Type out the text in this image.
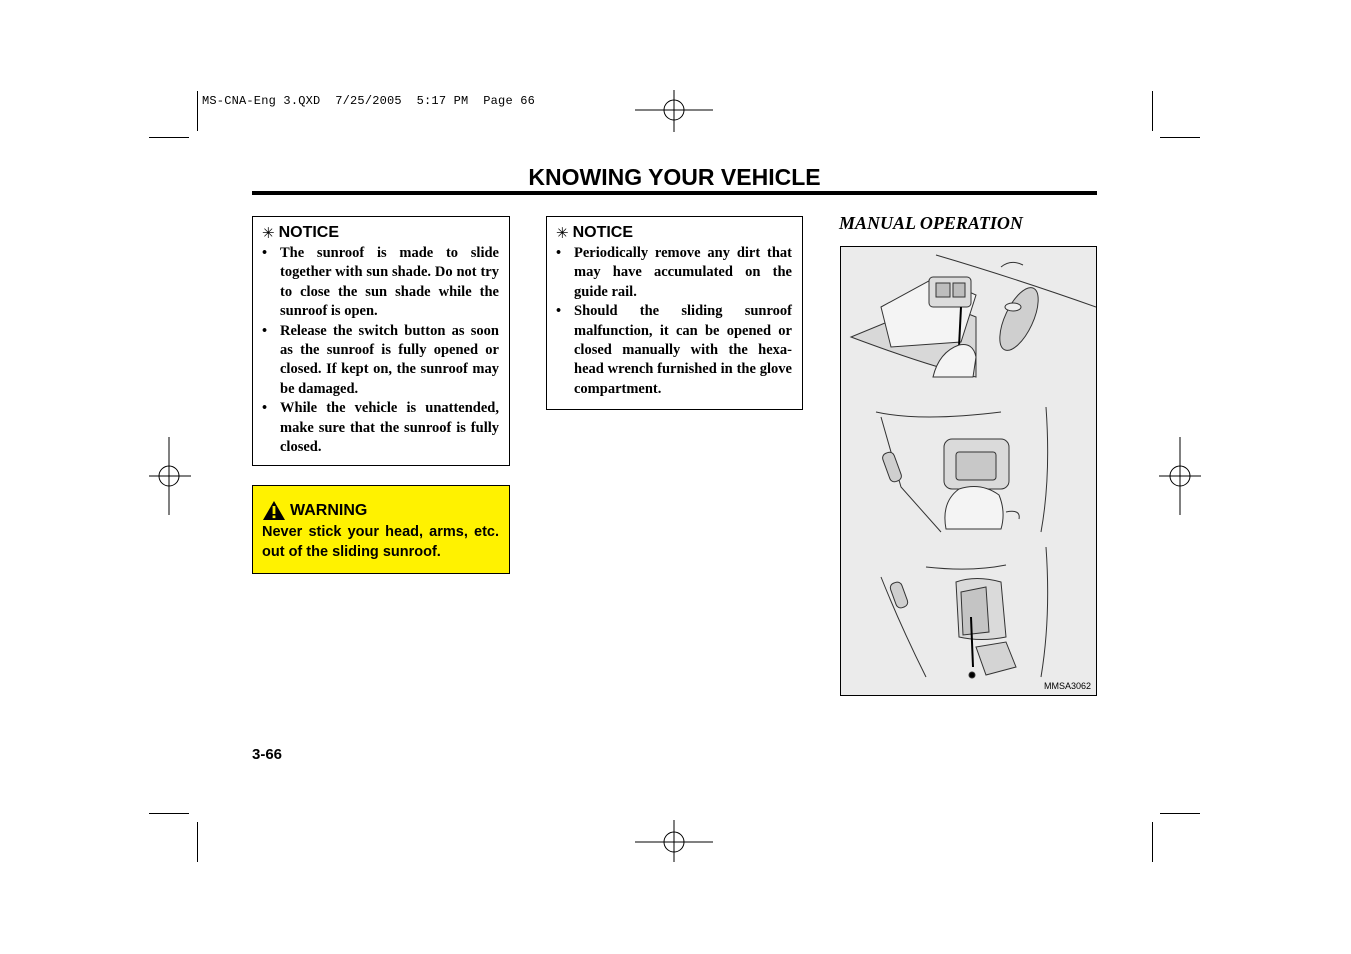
MS-CNA-Eng 3.QXD  7/25/2005  5:17 PM  Page 66
KNOWING YOUR VEHICLE
✳ NOTICE
• The sunroof is made to slide together with sun shade. Do not try to close the sun shade while the sunroof is open.
• Release the switch button as soon as the sunroof is fully opened or closed. If kept on, the sunroof may be damaged.
• While the vehicle is unattended, make sure that the sunroof is fully closed.
WARNING
Never stick your head, arms, etc. out of the sliding sunroof.
✳ NOTICE
• Periodically remove any dirt that may have accumulated on the guide rail.
• Should the sliding sunroof malfunction, it can be opened or closed manually with the hexa-head wrench furnished in the glove compartment.
MANUAL OPERATION
MMSA3062
3-66
